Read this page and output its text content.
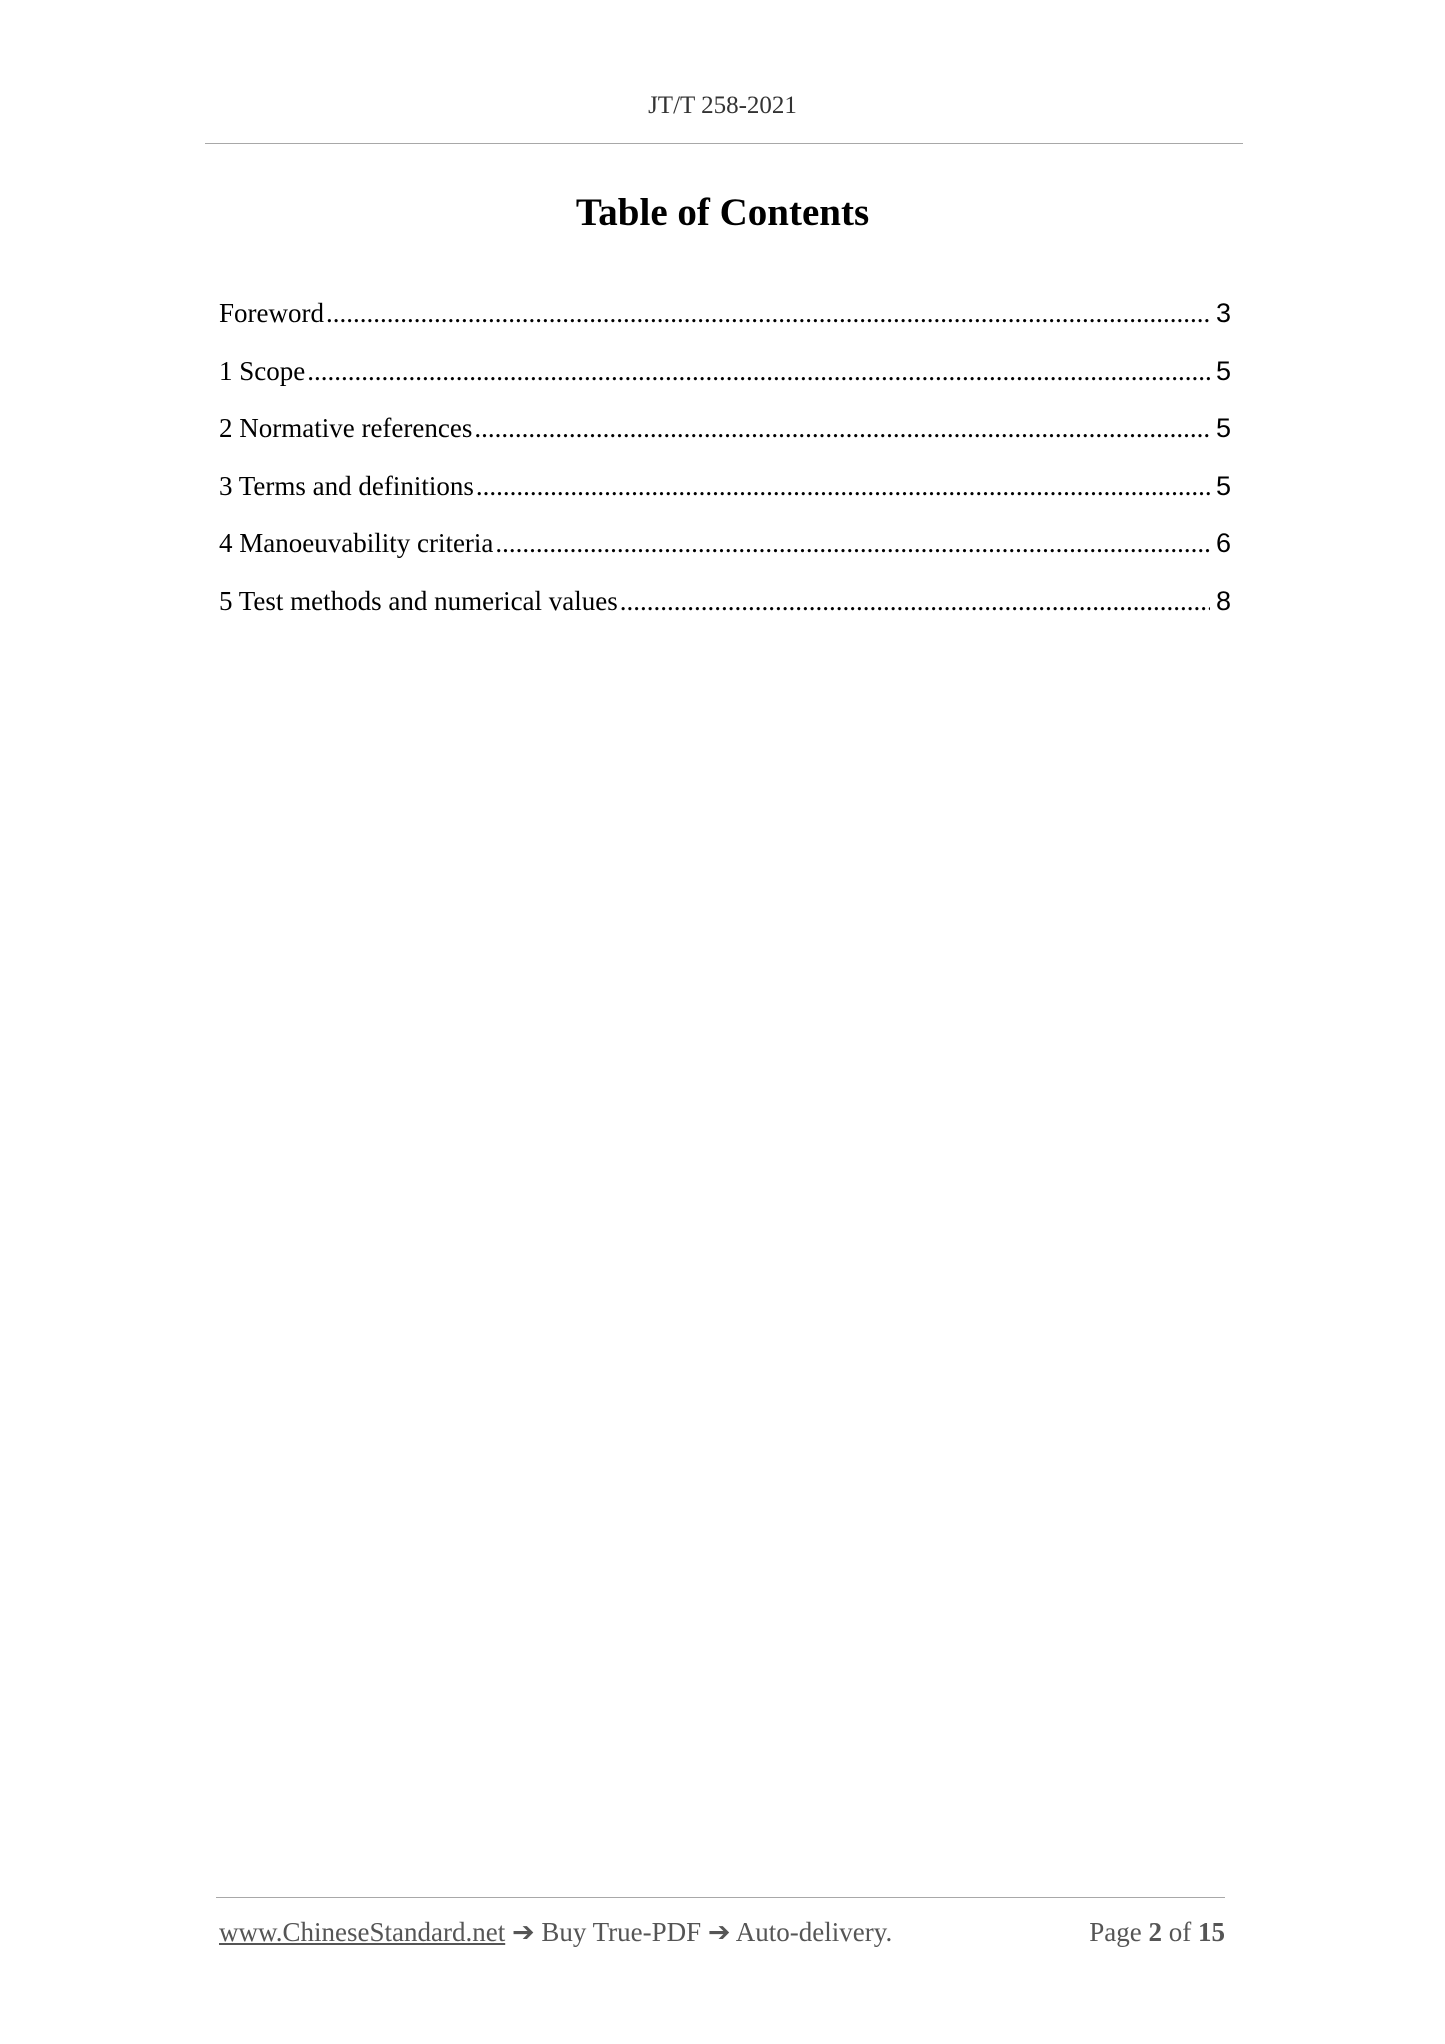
JT/T 258-2021
Table of Contents
Foreword .....	3
1 Scope .....	5
2 Normative references .....	5
3 Terms and definitions .....	5
4 Manoeuvability criteria .....	6
5 Test methods and numerical values .....	8
www.ChineseStandard.net ➔ Buy True-PDF ➔ Auto-delivery.	Page 2 of 15
